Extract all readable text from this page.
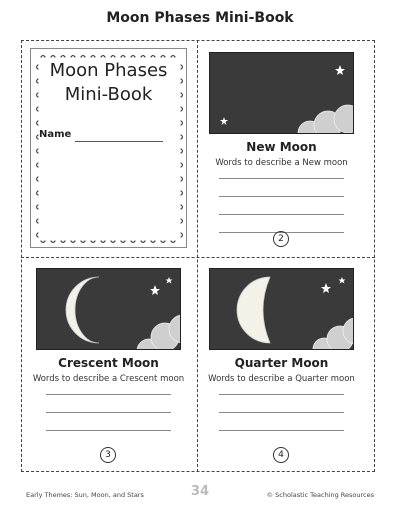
Moon Phases Mini-Book
Moon Phases
Mini-Book
Name
New Moon
Words to describe a New moon
2
Crescent Moon
Words to describe a Crescent moon
3
Quarter Moon
Words to describe a Quarter moon
4
Early Themes: Sun, Moon, and Stars	34	© Scholastic Teaching Resources
